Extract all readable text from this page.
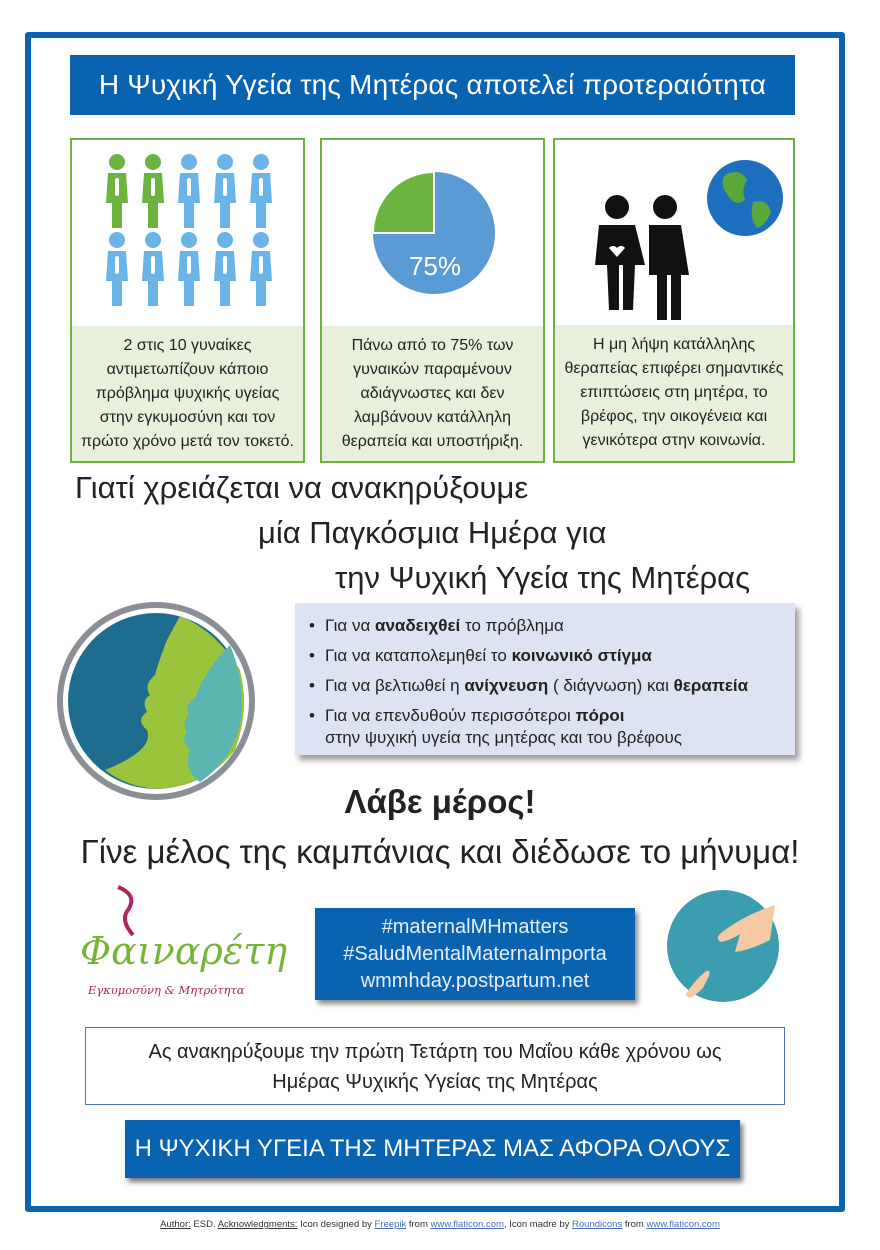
Η Ψυχική Υγεία της Μητέρας αποτελεί προτεραιότητα
2 στις 10 γυναίκες αντιμετωπίζουν κάποιο πρόβλημα ψυχικής υγείας στην εγκυμοσύνη και τον πρώτο χρόνο μετά τον τοκετό.
75%
Πάνω από το 75% των γυναικών παραμένουν αδιάγνωστες και δεν λαμβάνουν κατάλληλη θεραπεία και υποστήριξη.
Η μη λήψη κατάλληλης θεραπείας επιφέρει σημαντικές επιπτώσεις στη μητέρα, το βρέφος, την οικογένεια και γενικότερα στην κοινωνία.
Γιατί χρειάζεται να ανακηρύξουμε
μία Παγκόσμια Ημέρα για
την Ψυχική Υγεία της Μητέρας
• Για να αναδειχθεί το πρόβλημα
• Για να καταπολεμηθεί το κοινωνικό στίγμα
• Για να βελτιωθεί η ανίχνευση ( διάγνωση) και θεραπεία
• Για να επενδυθούν περισσότεροι πόροι
στην ψυχική υγεία της μητέρας και του βρέφους
Λάβε μέρος!
Γίνε μέλος της καμπάνιας και διέδωσε το μήνυμα!
Φαιναρέτη
Εγκυμοσύνη & Μητρότητα
#maternalMHmatters
#SaludMentalMaternaImporta
wmmhday.postpartum.net
Ας ανακηρύξουμε την πρώτη Τετάρτη του Μαΐου κάθε χρόνου ως
Ημέρας Ψυχικής Υγείας της Μητέρας
Η ΨΥΧΙΚΗ ΥΓΕΙΑ ΤΗΣ ΜΗΤΕΡΑΣ ΜΑΣ ΑΦΟΡΑ ΟΛΟΥΣ
Author: ESD. Acknowledgments: Icon designed by Freepik from www.flaticon.com, Icon madre by Roundicons from www.flaticon.com
